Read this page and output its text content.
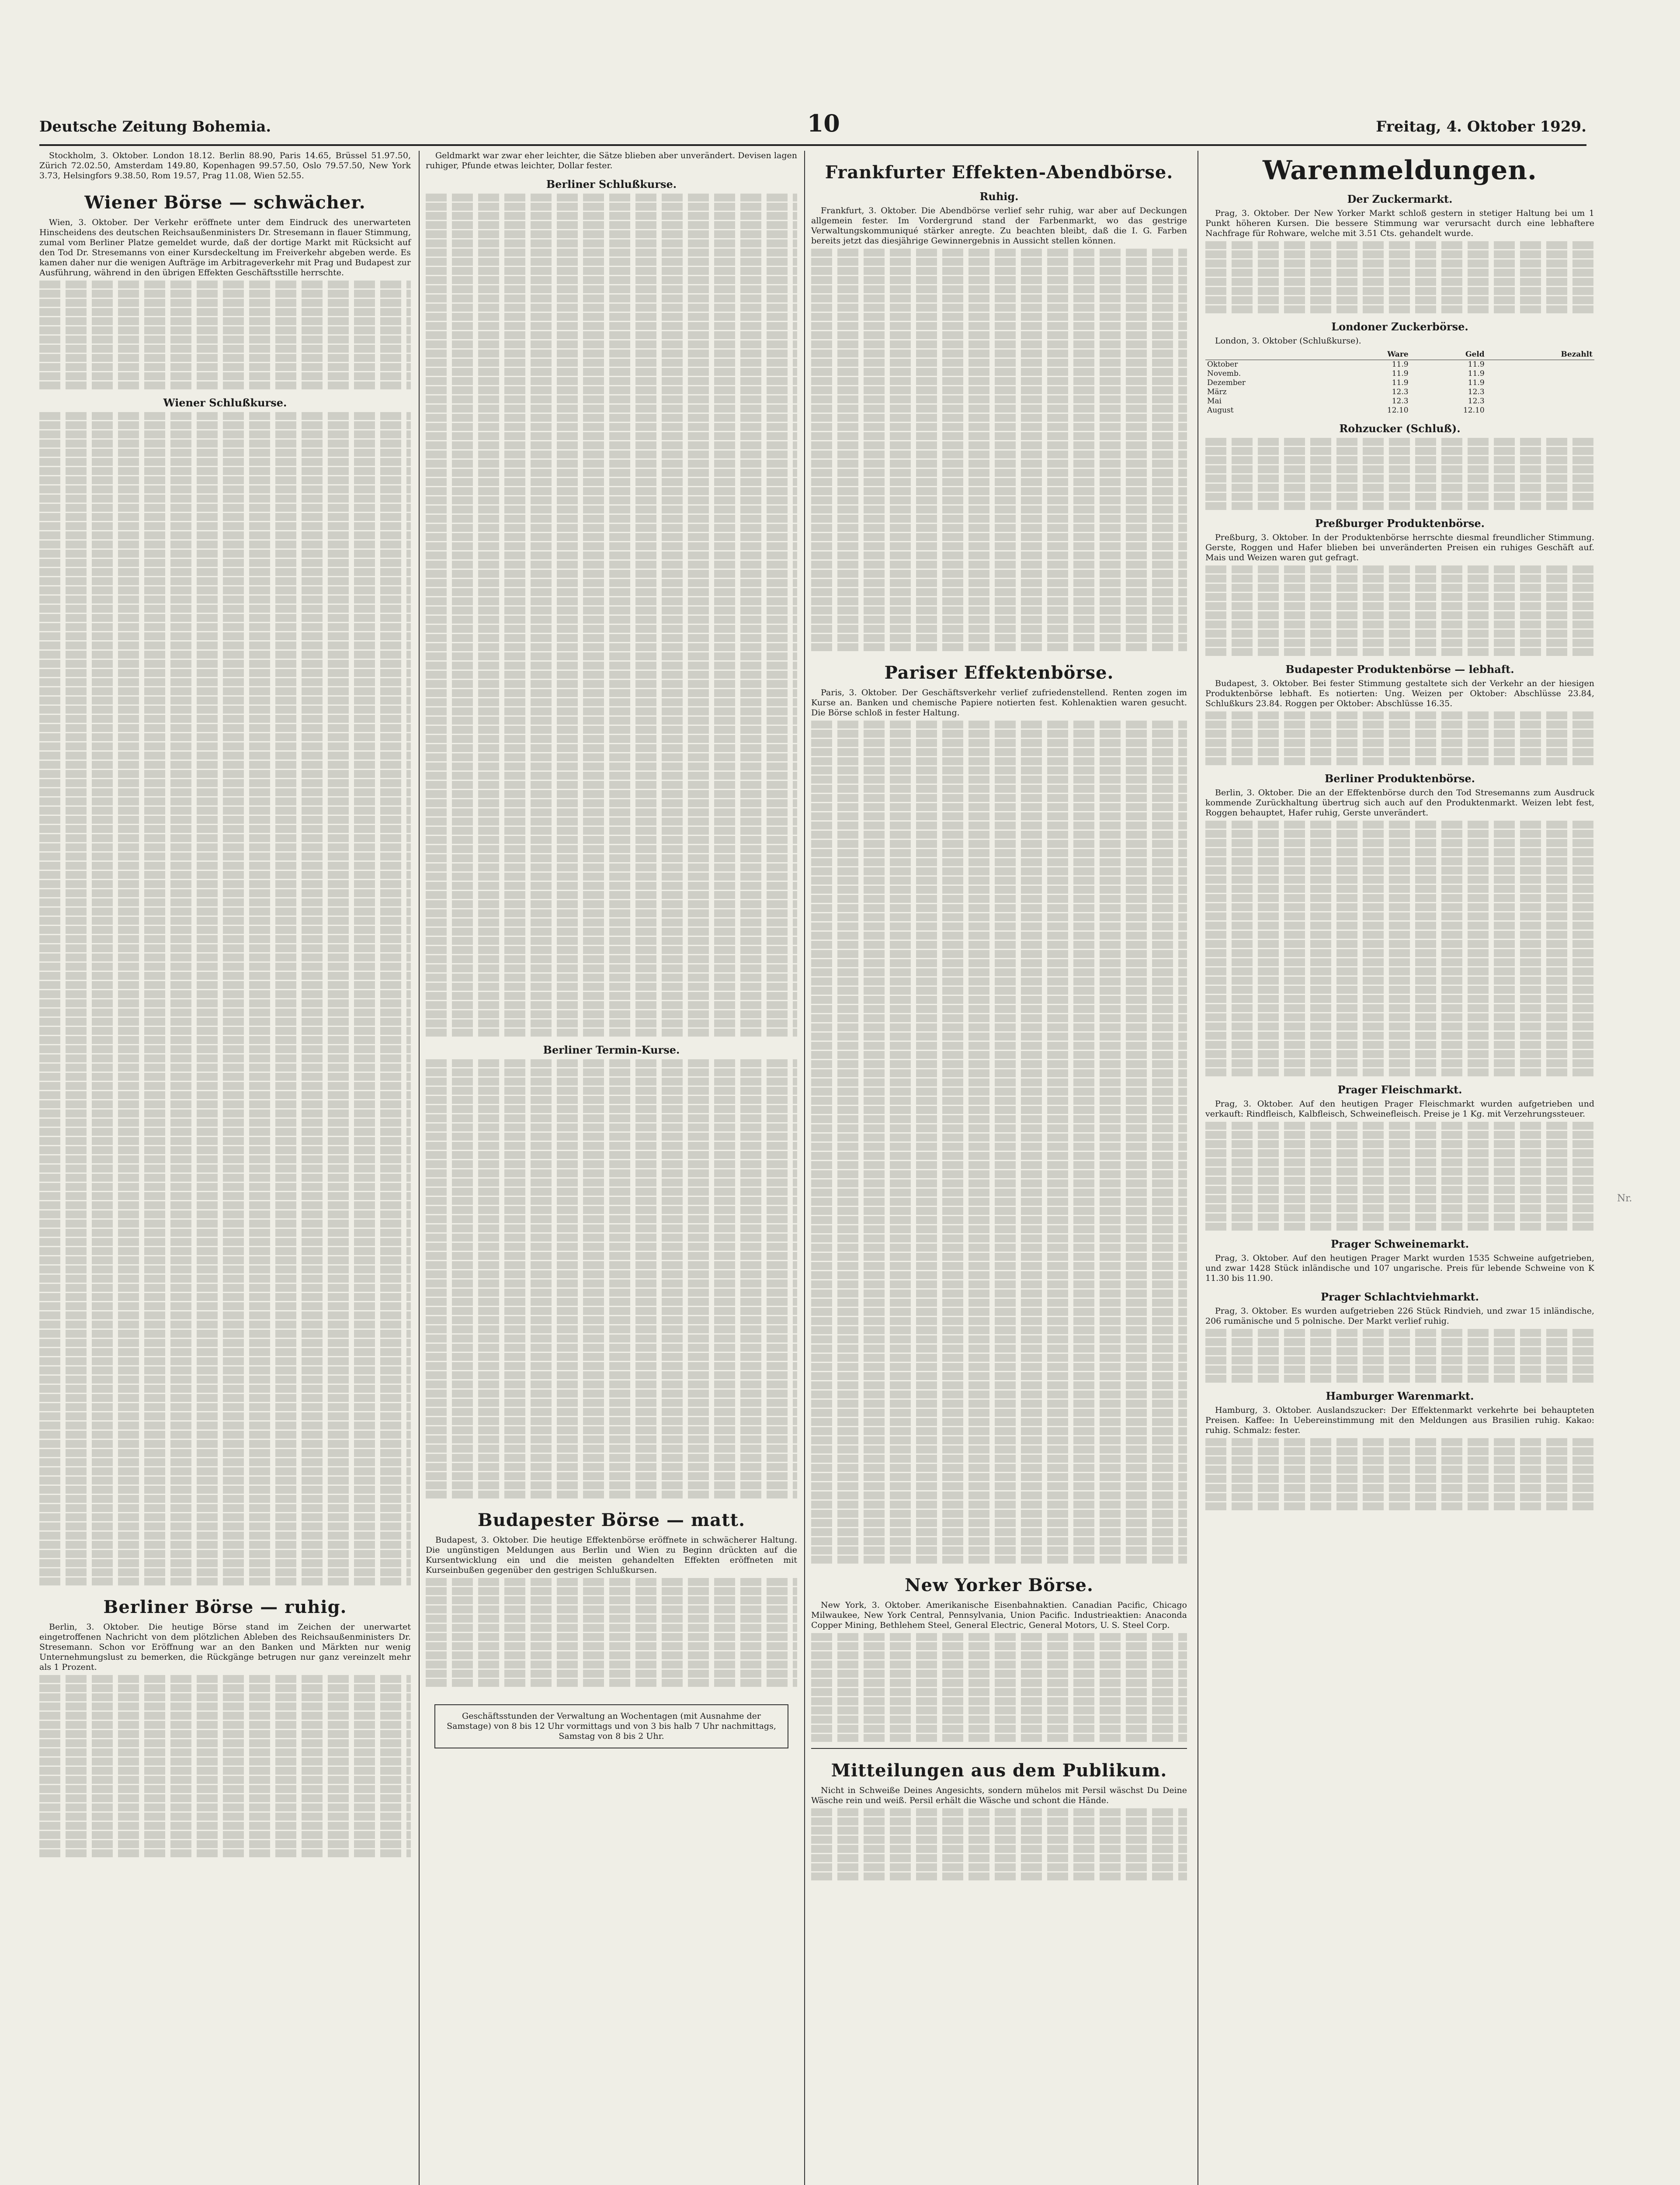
Deutsche Zeitung Bohemia.	10	Freitag, 4. Oktober 1929.

Stockholm, 3. Oktober. London 18.12. Berlin 88.90, Paris 14.65, Brüssel 51.97.50, Zürich 72.02.50, Amsterdam 149.80, Kopenhagen 99.57.50, Oslo 79.57.50, New York 3.73, Helsingfors 9.38.50, Rom 19.57, Prag 11.08, Wien 52.55.

Wiener Börse — schwächer.

Wien, 3. Oktober. Der Verkehr eröffnete unter dem Eindruck des unerwarteten Hinscheidens des deutschen Reichsaußenministers Dr. Stresemann in flauer Stimmung, zumal vom Berliner Platze gemeldet wurde, daß der dortige Markt mit Rücksicht auf den Tod Dr. Stresemanns von einer Kursdeckeltung im Freiverkehr abgeben werde. Es kamen daher nur die wenigen Aufträge im Arbitrageverkehr mit Prag und Budapest zur Ausführung, während in den übrigen Effekten Geschäftsstille herrschte.

Wiener Schlußkurse.
Berliner Börse — ruhig.

Berlin, 3. Oktober. Die heutige Börse stand im Zeichen der unerwartet eingetroffenen Nachricht von dem plötzlichen Ableben des Reichsaußenministers Dr. Stresemann. Schon vor Eröffnung war an den Banken und Märkten nur wenig Unternehmungslust zu bemerken, die Rückgänge betrugen nur ganz vereinzelt mehr als 1 Prozent.

Geldmarkt war zwar eher leichter, die Sätze blieben aber unverändert. Devisen lagen ruhiger, Pfunde etwas leichter, Dollar fester.

Berliner Schlußkurse.
Berliner Termin-Kurse.
Budapester Börse — matt.

Budapest, 3. Oktober. Die heutige Effektenbörse eröffnete in schwächerer Haltung. Die ungünstigen Meldungen aus Berlin und Wien zu Beginn drückten auf die Kursentwicklung ein und die meisten gehandelten Effekten eröffneten mit Kurseinbußen gegenüber den gestrigen Schlußkursen.

Geschäftsstunden der Verwaltung an Wochentagen (mit Ausnahme der Samstage) von 8 bis 12 Uhr vormittags und von 3 bis halb 7 Uhr nachmittags, Samstag von 8 bis 2 Uhr.
Frankfurter Effekten-Abendbörse.
Ruhig.

Frankfurt, 3. Oktober. Die Abendbörse verlief sehr ruhig, war aber auf Deckungen allgemein fester. Im Vordergrund stand der Farbenmarkt, wo das gestrige Verwaltungskommuniqué stärker anregte. Zu beachten bleibt, daß die I. G. Farben bereits jetzt das diesjährige Gewinnergebnis in Aussicht stellen können.

Pariser Effektenbörse.

Paris, 3. Oktober. Der Geschäftsverkehr verlief zufriedenstellend. Renten zogen im Kurse an. Banken und chemische Papiere notierten fest. Kohlenaktien waren gesucht. Die Börse schloß in fester Haltung.

New Yorker Börse.

New York, 3. Oktober. Amerikanische Eisenbahnaktien. Canadian Pacific, Chicago Milwaukee, New York Central, Pennsylvania, Union Pacific. Industrieaktien: Anaconda Copper Mining, Bethlehem Steel, General Electric, General Motors, U. S. Steel Corp.

Mitteilungen aus dem Publikum.

Nicht in Schweiße Deines Angesichts, sondern mühelos mit Persil wäschst Du Deine Wäsche rein und weiß. Persil erhält die Wäsche und schont die Hände.

Warenmeldungen.
Der Zuckermarkt.

Prag, 3. Oktober. Der New Yorker Markt schloß gestern in stetiger Haltung bei um 1 Punkt höheren Kursen. Die bessere Stimmung war verursacht durch eine lebhaftere Nachfrage für Rohware, welche mit 3.51 Cts. gehandelt wurde.

Londoner Zuckerbörse.

London, 3. Oktober (Schlußkurse).

	Ware	Geld	Bezahlt
Oktober	11.9	11.9	
Novemb.	11.9	11.9	
Dezember	11.9	11.9	
März	12.3	12.3	
Mai	12.3	12.3	
August	12.10	12.10	
Rohzucker (Schluß).
Preßburger Produktenbörse.

Preßburg, 3. Oktober. In der Produktenbörse herrschte diesmal freundlicher Stimmung. Gerste, Roggen und Hafer blieben bei unveränderten Preisen ein ruhiges Geschäft auf. Mais und Weizen waren gut gefragt.

Budapester Produktenbörse — lebhaft.

Budapest, 3. Oktober. Bei fester Stimmung gestaltete sich der Verkehr an der hiesigen Produktenbörse lebhaft. Es notierten: Ung. Weizen per Oktober: Abschlüsse 23.84, Schlußkurs 23.84. Roggen per Oktober: Abschlüsse 16.35.

Berliner Produktenbörse.

Berlin, 3. Oktober. Die an der Effektenbörse durch den Tod Stresemanns zum Ausdruck kommende Zurückhaltung übertrug sich auch auf den Produktenmarkt. Weizen lebt fest, Roggen behauptet, Hafer ruhig, Gerste unverändert.

Prager Fleischmarkt.

Prag, 3. Oktober. Auf den heutigen Prager Fleischmarkt wurden aufgetrieben und verkauft: Rindfleisch, Kalbfleisch, Schweinefleisch. Preise je 1 Kg. mit Verzehrungssteuer.

Prager Schweinemarkt.

Prag, 3. Oktober. Auf den heutigen Prager Markt wurden 1535 Schweine aufgetrieben, und zwar 1428 Stück inländische und 107 ungarische. Preis für lebende Schweine von K 11.30 bis 11.90.

Prager Schlachtviehmarkt.

Prag, 3. Oktober. Es wurden aufgetrieben 226 Stück Rindvieh, und zwar 15 inländische, 206 rumänische und 5 polnische. Der Markt verlief ruhig.

Hamburger Warenmarkt.

Hamburg, 3. Oktober. Auslandszucker: Der Effektenmarkt verkehrte bei behaupteten Preisen. Kaffee: In Uebereinstimmung mit den Meldungen aus Brasilien ruhig. Kakao: ruhig. Schmalz: fester.

Nr.
